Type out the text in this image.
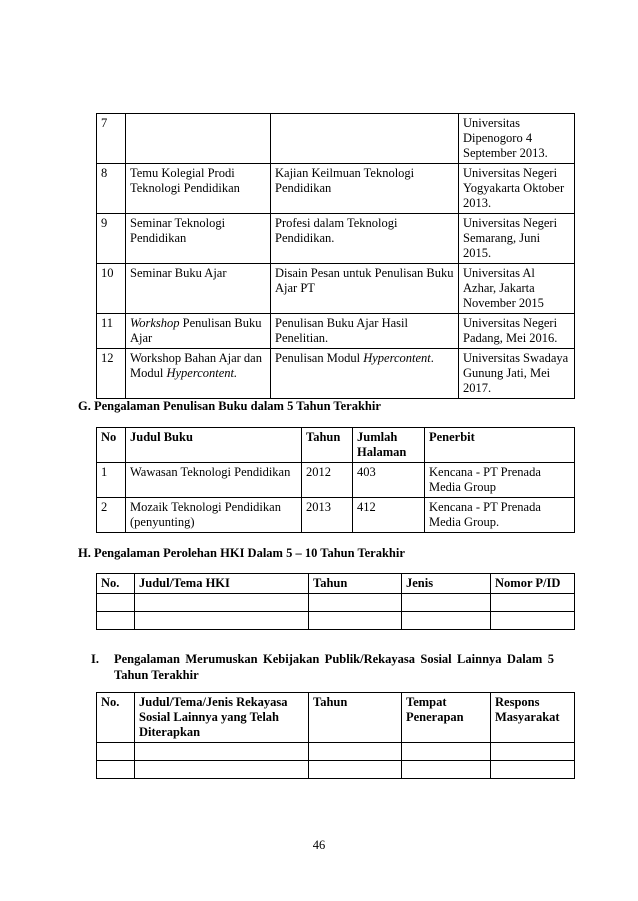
7			Universitas Dipenogoro 4 September 2013.
8	Temu Kolegial Prodi Teknologi Pendidikan	Kajian Keilmuan Teknologi Pendidikan	Universitas Negeri Yogyakarta Oktober 2013.
9	Seminar Teknologi Pendidikan	Profesi dalam Teknologi Pendidikan.	Universitas Negeri Semarang, Juni 2015.
10	Seminar Buku Ajar	Disain Pesan untuk Penulisan Buku Ajar PT	Universitas Al Azhar, Jakarta November 2015
11	Workshop Penulisan Buku Ajar	Penulisan Buku Ajar Hasil Penelitian.	Universitas Negeri Padang, Mei 2016.
12	Workshop Bahan Ajar dan Modul Hypercontent.	Penulisan Modul Hypercontent.	Universitas Swadaya Gunung Jati, Mei 2017.
G. Pengalaman Penulisan Buku dalam 5 Tahun Terakhir
No	Judul Buku	Tahun	Jumlah Halaman	Penerbit
1	Wawasan Teknologi Pendidikan	2012	403	Kencana - PT Prenada Media Group
2	Mozaik Teknologi Pendidikan (penyunting)	2013	412	Kencana - PT Prenada Media Group.
H. Pengalaman Perolehan HKI Dalam 5 – 10 Tahun Terakhir
No.	Judul/Tema HKI	Tahun	Jenis	Nomor P/ID

I. Pengalaman Merumuskan Kebijakan Publik/Rekayasa Sosial Lainnya Dalam 5
Tahun Terakhir
No.	Judul/Tema/Jenis Rekayasa Sosial Lainnya yang Telah Diterapkan	Tahun	Tempat Penerapan	Respons Masyarakat

46
